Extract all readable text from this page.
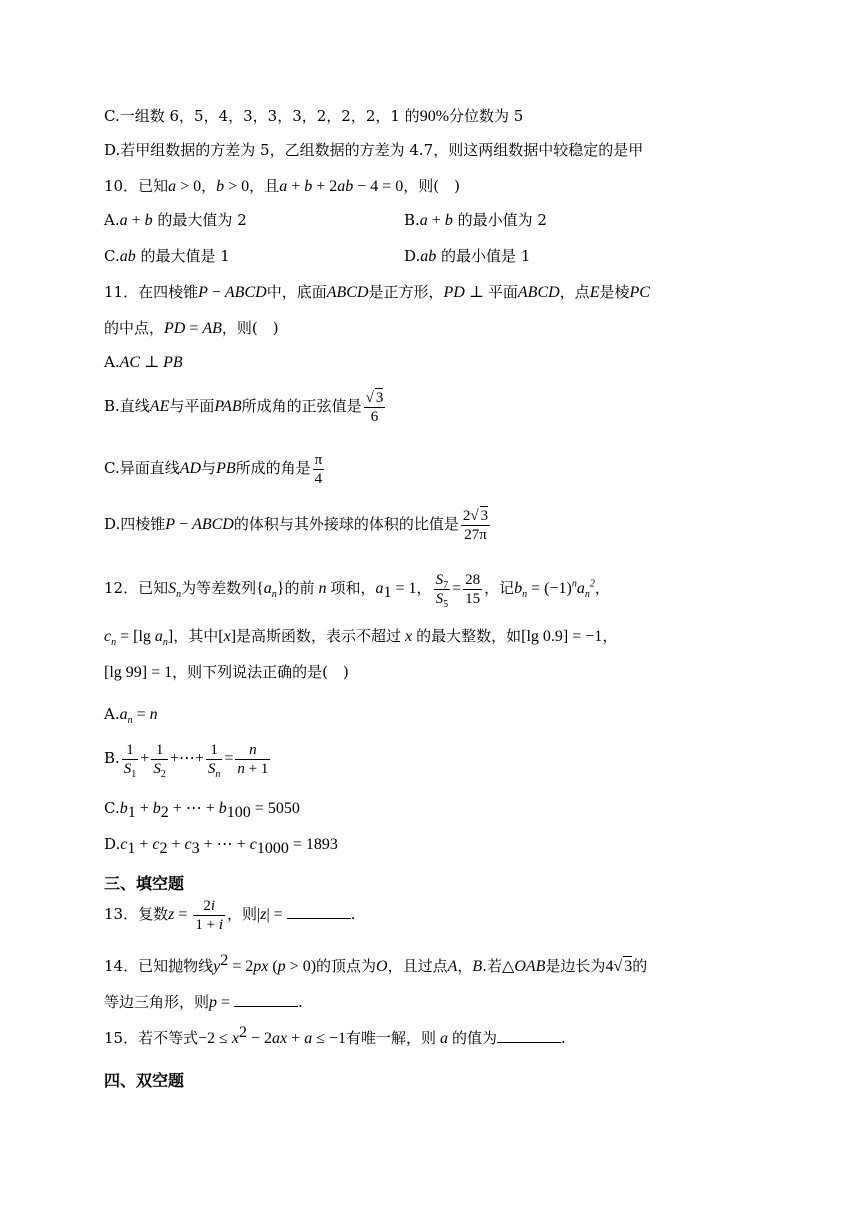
C.一组数 6，5，4，3，3，3，2，2，2，1 的90%分位数为 5
D.若甲组数据的方差为 5，乙组数据的方差为 4.7，则这两组数据中较稳定的是甲
10．已知a > 0，b > 0，且a + b + 2ab − 4 = 0，则(　)
A.a + b 的最大值为 2	B.a + b 的最小值为 2
C.ab 的最大值是 1	D.ab 的最小值是 1
11．在四棱锥P − ABCD中，底面ABCD是正方形，PD ⊥ 平面ABCD，点E是棱PC
的中点，PD = AB，则(　)
A.AC ⊥ PB
B.直线AE与平面PAB所成角的正弦值是 $\frac{√ 3}{6}$
C.异面直线AD与PB所成的角是 $\frac{\pi}{4}$
D.四棱锥P − ABCD的体积与其外接球的体积的比值是 $\frac{2√ 3}{27\pi}$
12．已知$S_n$为等差数列$\{a_n\}$的前 n 项和，$a_1 = 1$， $\frac{S_7}{S_5} = \frac{28}{15}$ ，记$b_n = (-1)^na_n^2$，
$c_n = [\lg$ $a_n$]，其中[x]是高斯函数，表示不超过 x 的最大整数，如[lg 0.9] = −1，
[lg 99] = 1，则下列说法正确的是(　)
$A.a_n = n$
B. $\frac{1}{S_1} + \frac{1}{S_2}$ +⋯+ $\frac{1}{S_n} = \frac{n}{n + 1}$
$C.b_1 + b_2$ + ⋯ + $b_{100} = 5050$
$D.c_1 + c_2 + c_3$ + ⋯ + $c_{1000} = 1893$
三、填空题
13．复数$z = \frac{2i}{1 + i}$ ，则|z| =	.
14．已知抛物线$y^2 = 2px$ (p > 0)的顶点为O，且过点A，B.若△OAB是边长为4√ 3的
等边三角形，则p =	.
15．若不等式$-2 \le x^2 - 2ax + a \le -1$有唯一解，则 a 的值为	.
四、双空题
